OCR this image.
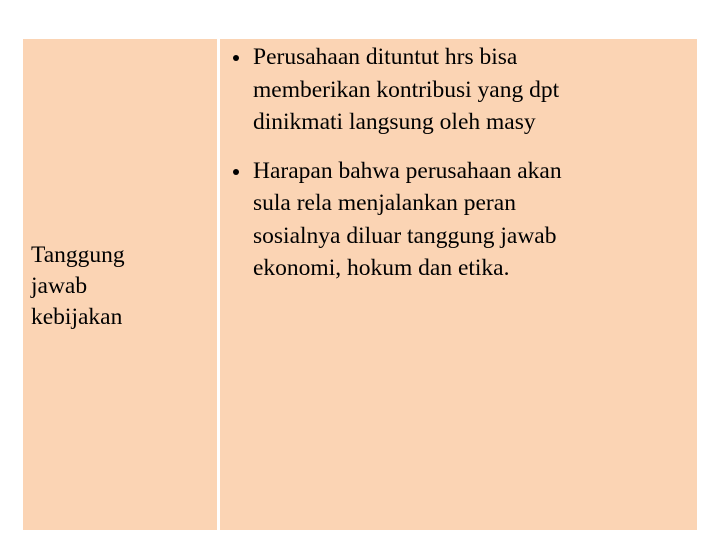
Tanggung
jawab
kebijakan
Perusahaan dituntut hrs bisa
memberikan kontribusi yang dpt
dinikmati langsung oleh masy
Harapan bahwa perusahaan akan
sula rela menjalankan peran
sosialnya diluar tanggung jawab
ekonomi, hokum dan etika.
